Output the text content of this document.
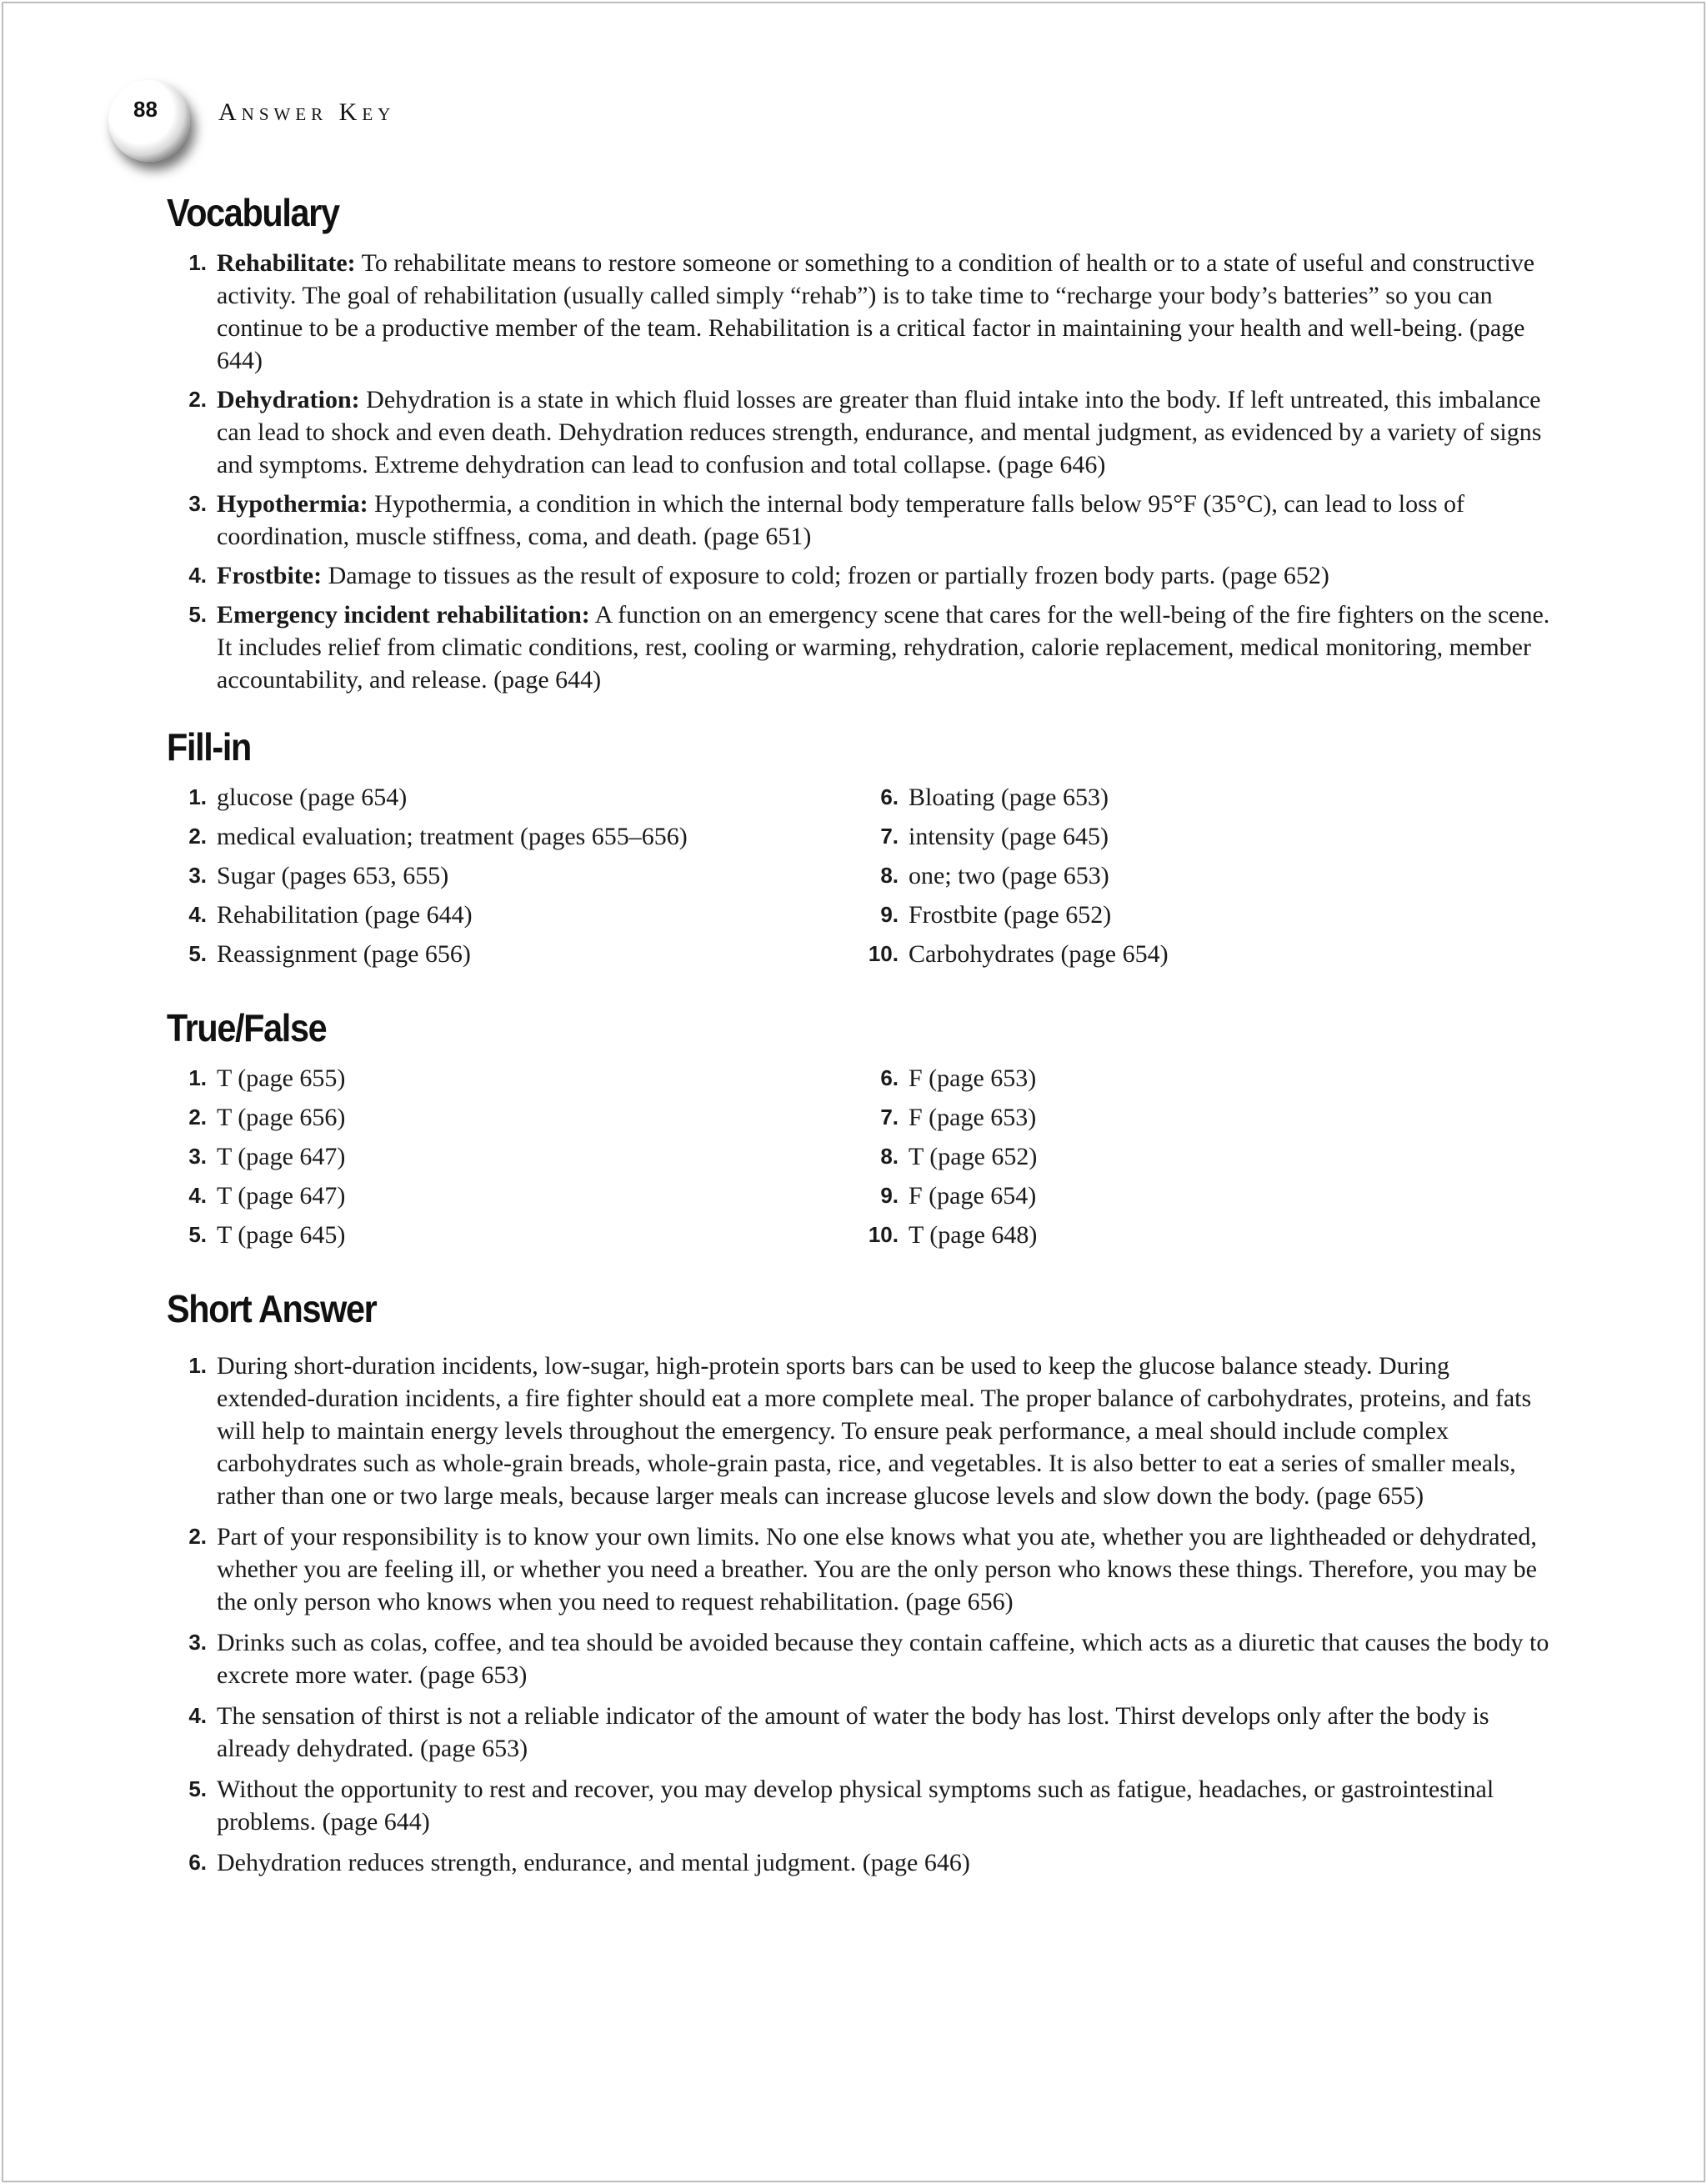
88 Answer Key
Vocabulary
1. Rehabilitate: To rehabilitate means to restore someone or something to a condition of health or to a state of useful and constructive activity. The goal of rehabilitation (usually called simply “rehab”) is to take time to “recharge your body’s batteries” so you can continue to be a productive member of the team. Rehabilitation is a critical factor in maintaining your health and well-being. (page 644)
2. Dehydration: Dehydration is a state in which fluid losses are greater than fluid intake into the body. If left untreated, this imbalance can lead to shock and even death. Dehydration reduces strength, endurance, and mental judgment, as evidenced by a variety of signs and symptoms. Extreme dehydration can lead to confusion and total collapse. (page 646)
3. Hypothermia: Hypothermia, a condition in which the internal body temperature falls below 95°F (35°C), can lead to loss of coordination, muscle stiffness, coma, and death. (page 651)
4. Frostbite: Damage to tissues as the result of exposure to cold; frozen or partially frozen body parts. (page 652)
5. Emergency incident rehabilitation: A function on an emergency scene that cares for the well-being of the fire fighters on the scene. It includes relief from climatic conditions, rest, cooling or warming, rehydration, calorie replacement, medical monitoring, member accountability, and release. (page 644)
Fill-in
1. glucose (page 654)
2. medical evaluation; treatment (pages 655–656)
3. Sugar (pages 653, 655)
4. Rehabilitation (page 644)
5. Reassignment (page 656)
6. Bloating (page 653)
7. intensity (page 645)
8. one; two (page 653)
9. Frostbite (page 652)
10. Carbohydrates (page 654)
True/False
1. T (page 655)
2. T (page 656)
3. T (page 647)
4. T (page 647)
5. T (page 645)
6. F (page 653)
7. F (page 653)
8. T (page 652)
9. F (page 654)
10. T (page 648)
Short Answer
1. During short-duration incidents, low-sugar, high-protein sports bars can be used to keep the glucose balance steady. During extended-duration incidents, a fire fighter should eat a more complete meal. The proper balance of carbohydrates, proteins, and fats will help to maintain energy levels throughout the emergency. To ensure peak performance, a meal should include complex carbohydrates such as whole-grain breads, whole-grain pasta, rice, and vegetables. It is also better to eat a series of smaller meals, rather than one or two large meals, because larger meals can increase glucose levels and slow down the body. (page 655)
2. Part of your responsibility is to know your own limits. No one else knows what you ate, whether you are lightheaded or dehydrated, whether you are feeling ill, or whether you need a breather. You are the only person who knows these things. Therefore, you may be the only person who knows when you need to request rehabilitation. (page 656)
3. Drinks such as colas, coffee, and tea should be avoided because they contain caffeine, which acts as a diuretic that causes the body to excrete more water. (page 653)
4. The sensation of thirst is not a reliable indicator of the amount of water the body has lost. Thirst develops only after the body is already dehydrated. (page 653)
5. Without the opportunity to rest and recover, you may develop physical symptoms such as fatigue, headaches, or gastrointestinal problems. (page 644)
6. Dehydration reduces strength, endurance, and mental judgment. (page 646)
